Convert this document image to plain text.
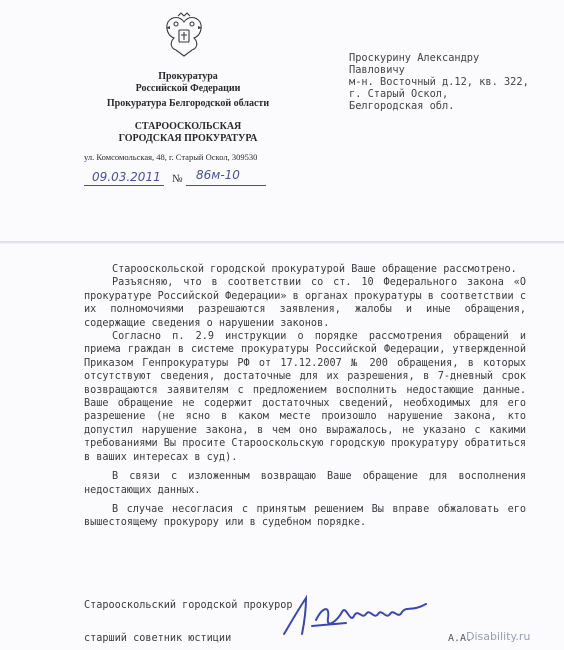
Прокуратура
Российской Федерации
Прокуратура Белгородской области
СТАРООСКОЛЬСКАЯ
ГОРОДСКАЯ ПРОКУРАТУРА
ул. Комсомольская, 48, г. Старый Оскол, 309530
09.03.2011 № 86м-10
Проскурину Александру
Павловичу
м-н. Восточный д.12, кв. 322,
г. Старый Оскол,
Белгородская обл.

Старооскольской городской прокуратурой Ваше обращение рассмотрено.

Разъясняю, что в соответствии со ст. 10 Федерального закона «О прокуратуре Российской Федерации» в органах прокуратуры в соответствии с их полномочиями разрешаются заявления, жалобы и иные обращения, содержащие сведения о нарушении законов.

Согласно п. 2.9 инструкции о порядке рассмотрения обращений и приема граждан в системе прокуратуры Российской Федерации, утвержденной Приказом Генпрокуратуры РФ от 17.12.2007 № 200 обращения, в которых отсутствуют сведения, достаточные для их разрешения, в 7-дневный срок возвращаются заявителям с предложением восполнить недостающие данные. Ваше обращение не содержит достаточных сведений, необходимых для его разрешение (не ясно в каком месте произошло нарушение закона, кто допустил нарушение закона, в чем оно выражалось, не указано с какими требованиями Вы просите Старооскольскую городскую прокуратуру обратиться в ваших интересах в суд).

В связи с изложенным возвращаю Ваше обращение для восполнения недостающих данных.

В случае несогласия с принятым решением Вы вправе обжаловать его вышестоящему прокурору или в судебном порядке.

Старооскольский городской прокурор
старший советник юстиции	А.А.
Disability.ru
